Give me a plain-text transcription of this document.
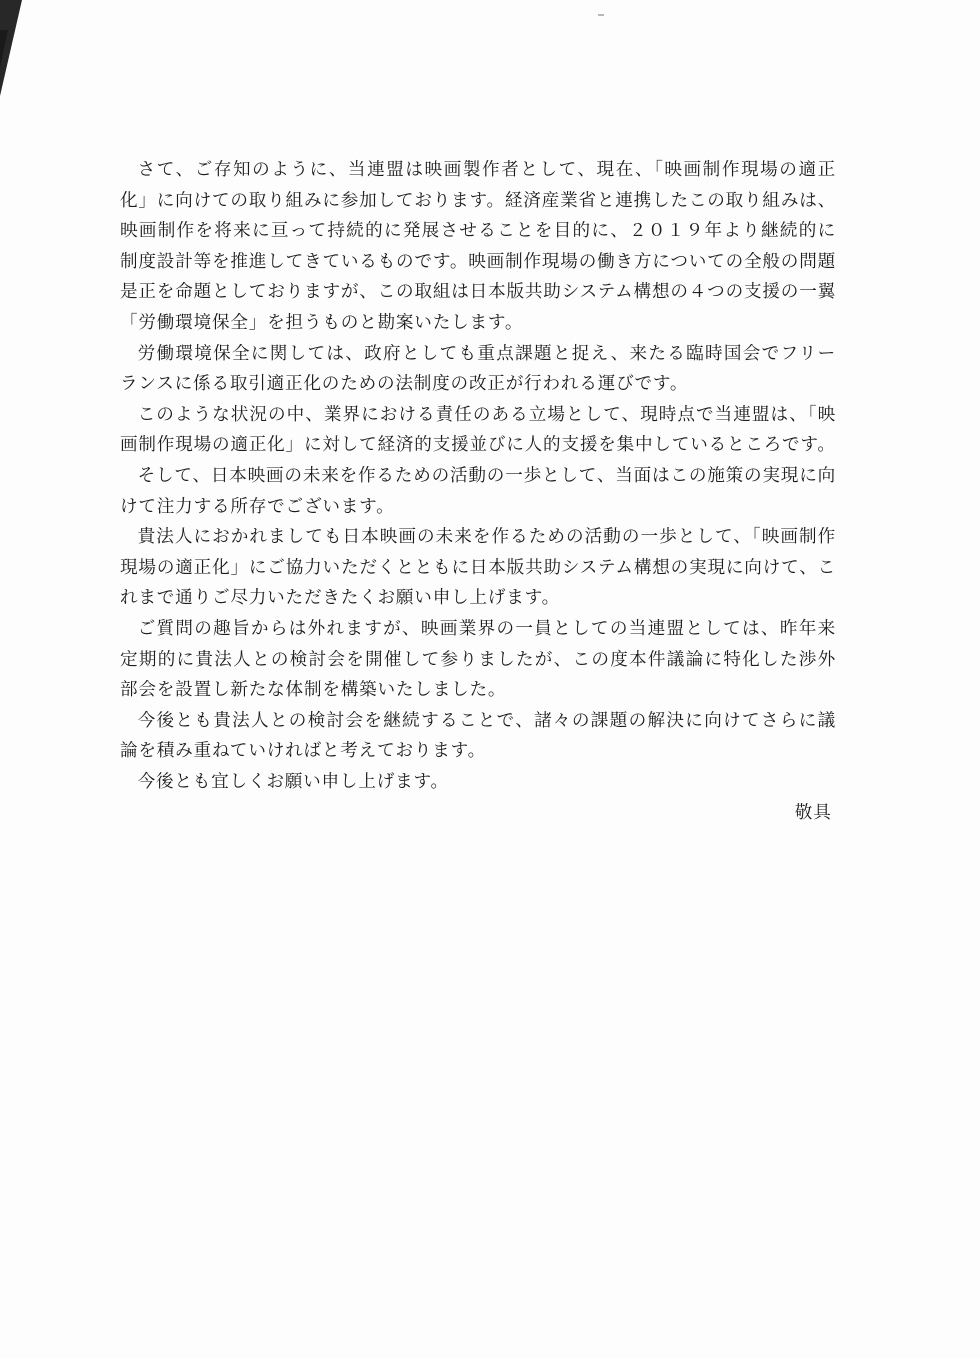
さて、ご存知のように、当連盟は映画製作者として、現在、「映画制作現場の適正化」に向けての取り組みに参加しております。経済産業省と連携したこの取り組みは、映画制作を将来に亘って持続的に発展させることを目的に、２０１９年より継続的に制度設計等を推進してきているものです。映画制作現場の働き方についての全般の問題是正を命題としておりますが、この取組は日本版共助システム構想の４つの支援の一翼「労働環境保全」を担うものと勘案いたします。

労働環境保全に関しては、政府としても重点課題と捉え、来たる臨時国会でフリーランスに係る取引適正化のための法制度の改正が行われる運びです。

このような状況の中、業界における責任のある立場として、現時点で当連盟は、「映画制作現場の適正化」に対して経済的支援並びに人的支援を集中しているところです。

そして、日本映画の未来を作るための活動の一歩として、当面はこの施策の実現に向けて注力する所存でございます。

貴法人におかれましても日本映画の未来を作るための活動の一歩として、「映画制作現場の適正化」にご協力いただくとともに日本版共助システム構想の実現に向けて、これまで通りご尽力いただきたくお願い申し上げます。

ご質問の趣旨からは外れますが、映画業界の一員としての当連盟としては、昨年来定期的に貴法人との検討会を開催して参りましたが、この度本件議論に特化した渉外部会を設置し新たな体制を構築いたしました。

今後とも貴法人との検討会を継続することで、諸々の課題の解決に向けてさらに議論を積み重ねていければと考えております。

今後とも宜しくお願い申し上げます。

敬具
